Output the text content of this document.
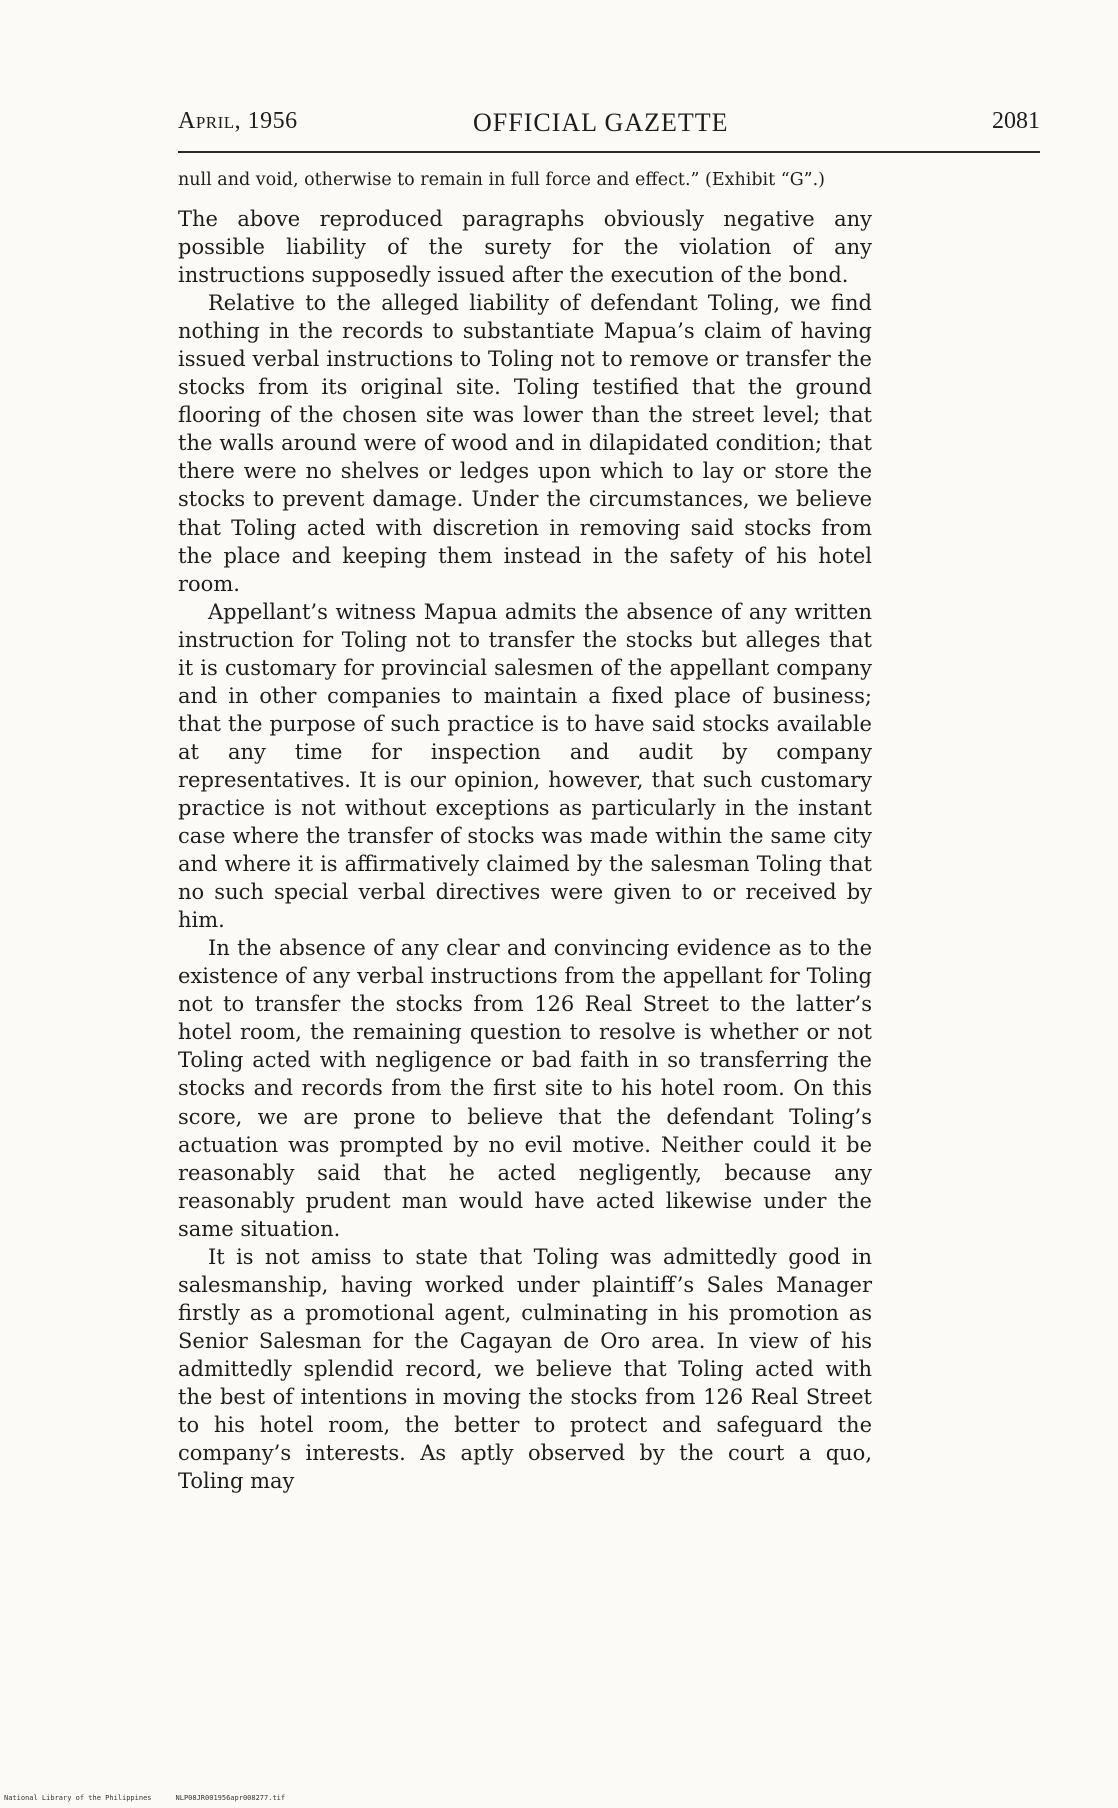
April, 1956	OFFICIAL GAZETTE	2081

null and void, otherwise to remain in full force and effect.” (Exhibit “G”.)

The above reproduced paragraphs obviously negative any possible liability of the surety for the violation of any instructions supposedly issued after the execution of the bond.

Relative to the alleged liability of defendant Toling, we find nothing in the records to substantiate Mapua’s claim of having issued verbal instructions to Toling not to remove or transfer the stocks from its original site. Toling testified that the ground flooring of the chosen site was lower than the street level; that the walls around were of wood and in dilapidated condition; that there were no shelves or ledges upon which to lay or store the stocks to prevent damage. Under the circumstances, we believe that Toling acted with discretion in removing said stocks from the place and keeping them instead in the safety of his hotel room.

Appellant’s witness Mapua admits the absence of any written instruction for Toling not to transfer the stocks but alleges that it is customary for provincial salesmen of the appellant company and in other companies to maintain a fixed place of business; that the purpose of such practice is to have said stocks available at any time for inspection and audit by company representatives. It is our opinion, however, that such customary practice is not without exceptions as particularly in the instant case where the transfer of stocks was made within the same city and where it is affirmatively claimed by the salesman Toling that no such special verbal directives were given to or received by him.

In the absence of any clear and convincing evidence as to the existence of any verbal instructions from the appellant for Toling not to transfer the stocks from 126 Real Street to the latter’s hotel room, the remaining question to resolve is whether or not Toling acted with negligence or bad faith in so transferring the stocks and records from the first site to his hotel room. On this score, we are prone to believe that the defendant Toling’s actuation was prompted by no evil motive. Neither could it be reasonably said that he acted negligently, because any reasonably prudent man would have acted likewise under the same situation.

It is not amiss to state that Toling was admittedly good in salesmanship, having worked under plaintiff’s Sales Manager firstly as a promotional agent, culminating in his promotion as Senior Salesman for the Cagayan de Oro area. In view of his admittedly splendid record, we believe that Toling acted with the best of intentions in moving the stocks from 126 Real Street to his hotel room, the better to protect and safeguard the company’s interests. As aptly observed by the court a quo, Toling may

National Library of the Philippines	NLP08JR001956apr008277.tif
